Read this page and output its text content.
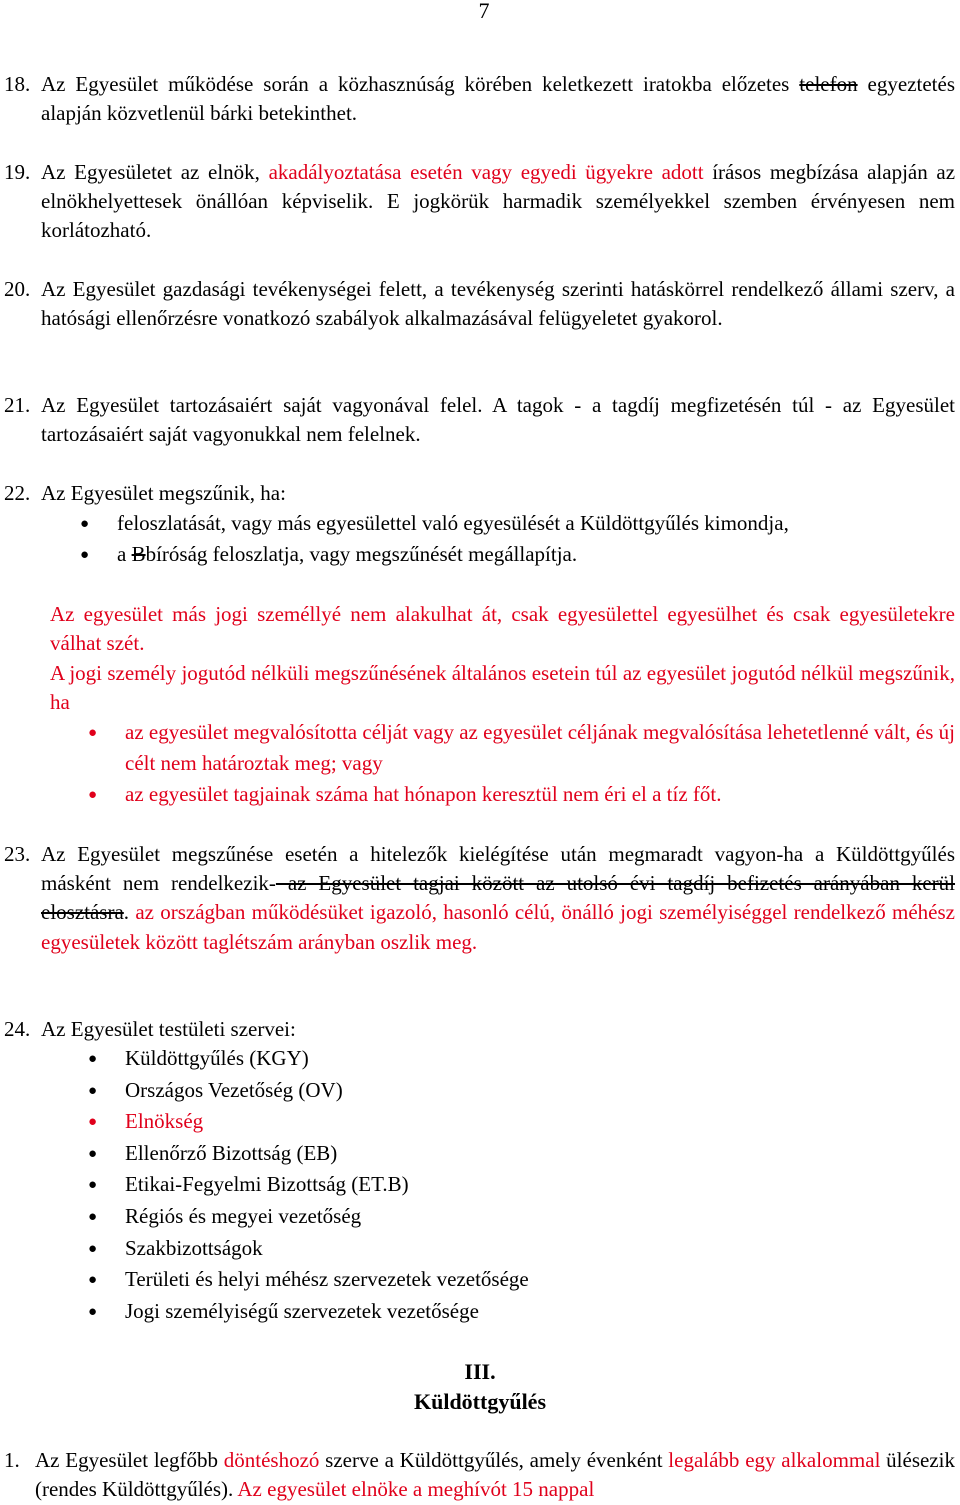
7
18. Az Egyesület működése során a közhasznúság körében keletkezett iratokba előzetes telefon egyeztetés alapján közvetlenül bárki betekinthet.
19. Az Egyesületet az elnök, akadályoztatása esetén vagy egyedi ügyekre adott írásos megbízása alapján az elnökhelyettesek önállóan képviselik. E jogkörük harmadik személyekkel szemben érvényesen nem korlátozható.
20. Az Egyesület gazdasági tevékenységei felett, a tevékenység szerinti hatáskörrel rendelkező állami szerv, a hatósági ellenőrzésre vonatkozó szabályok alkalmazásával felügyeletet gyakorol.
21. Az Egyesület tartozásaiért saját vagyonával felel. A tagok - a tagdíj megfizetésén túl - az Egyesület tartozásaiért saját vagyonukkal nem felelnek.
22. Az Egyesület megszűnik, ha:
● feloszlatását, vagy más egyesülettel való egyesülését a Küldöttgyűlés kimondja,
● a Bbíróság feloszlatja, vagy megszűnését megállapítja.
Az egyesület más jogi személlyé nem alakulhat át, csak egyesülettel egyesülhet és csak egyesületekre válhat szét.
A jogi személy jogutód nélküli megszűnésének általános esetein túl az egyesület jogutód nélkül megszűnik, ha
● az egyesület megvalósította célját vagy az egyesület céljának megvalósítása lehetetlenné vált, és új célt nem határoztak meg; vagy
● az egyesület tagjainak száma hat hónapon keresztül nem éri el a tíz főt.
23. Az Egyesület megszűnése esetén a hitelezők kielégítése után megmaradt vagyon-ha a Küldöttgyűlés másként nem rendelkezik- az Egyesület tagjai között az utolsó évi tagdíj befizetés arányában kerül elosztásra. az országban működésüket igazoló, hasonló célú, önálló jogi személyiséggel rendelkező méhész egyesületek között taglétszám arányban oszlik meg.
24. Az Egyesület testületi szervei:
● Küldöttgyűlés (KGY)
● Országos Vezetőség (OV)
● Elnökség
● Ellenőrző Bizottság (EB)
● Etikai-Fegyelmi Bizottság (ET.B)
● Régiós és megyei vezetőség
● Szakbizottságok
● Területi és helyi méhész szervezetek vezetősége
● Jogi személyiségű szervezetek vezetősége
III.
Küldöttgyűlés
1. Az Egyesület legfőbb döntéshozó szerve a Küldöttgyűlés, amely évenként legalább egy alkalommal ülésezik (rendes Küldöttgyűlés). Az egyesület elnöke a meghívót 15 nappal
